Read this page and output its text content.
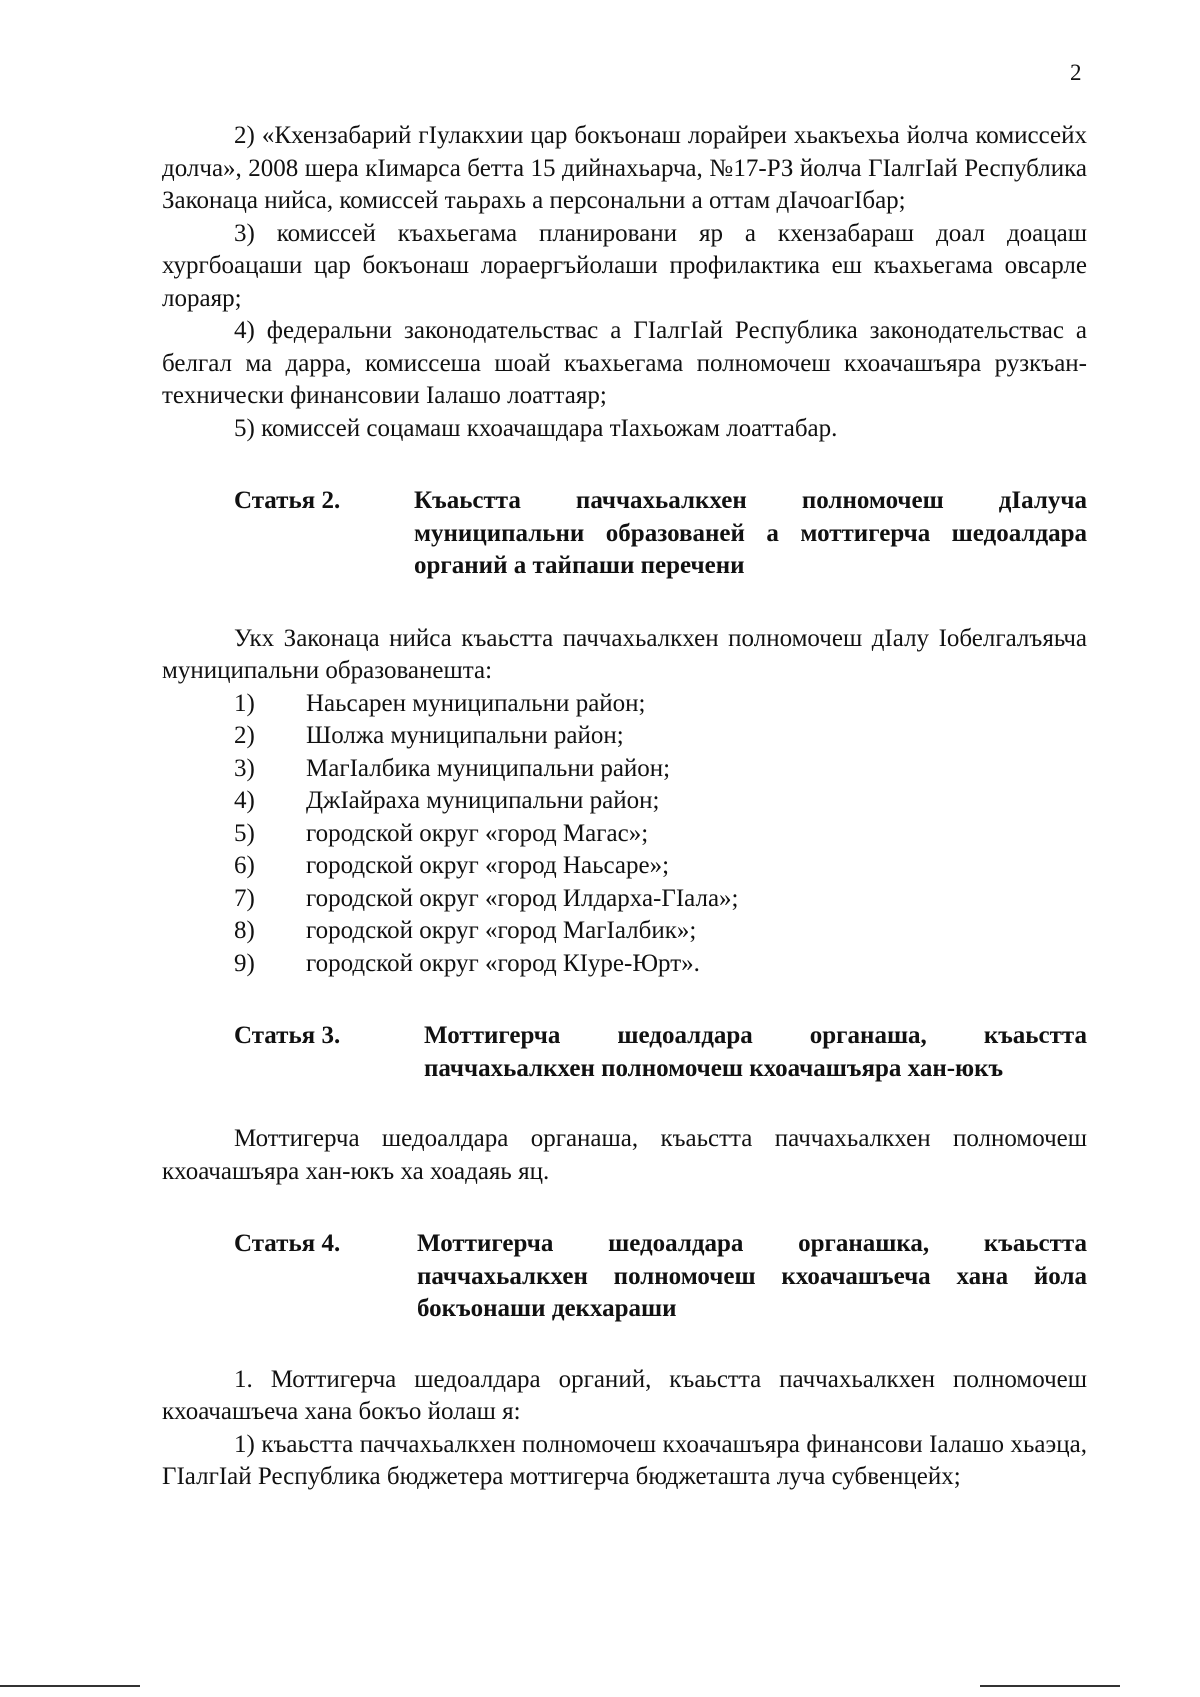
2

2) «Кхензабарий гIулакхии цар бокъонаш лорайреи хьакъехьа йолча комиссейх долча», 2008 шера кIимарса бетта 15 дийнахьарча, №17-РЗ йолча ГIалгIай Республика Законаца нийса, комиссей таьрахь а персональни а оттам дIачоагIбар;

3) комиссей къахьегама планировани яр а кхензабараш доал доацаш хургбоацаши цар бокъонаш лораергъйолаши профилактика еш къахьегама овсарле лораяр;

4) федеральни законодательствас а ГIалгIай Республика законодательствас а белгал ма дарра, комиссеша шоай къахьегама полномочеш кхоачашъяра рузкъан-технически финансовии Iалашо лоаттаяр;

5) комиссей соцамаш кхоачашдара тIахьожам лоаттабар.

Статья 2.	Къаьстта паччахьалкхен полномочеш дIалуча муниципальни образованей а моттигерча шедоалдара органий а тайпаши перечени

Укх Законаца нийса къаьстта паччахьалкхен полномочеш дIалу Iобелгалъяьча муниципальни образованешта:

1)	Наьсарен муниципальни район;
2)	Шолжа муниципальни район;
3)	МагIалбика муниципальни район;
4)	ДжIайраха муниципальни район;
5)	городской округ «город Магас»;
6)	городской округ «город Наьсаре»;
7)	городской округ «город Илдарха-ГIала»;
8)	городской округ «город МагIалбик»;
9)	городской округ «город КIуре-Юрт».
Статья 3.	Моттигерча шедоалдара органаша, къаьстта паччахьалкхен полномочеш кхоачашъяра хан-юкъ

Моттигерча шедоалдара органаша, къаьстта паччахьалкхен полномочеш кхоачашъяра хан-юкъ ха хоадаяь яц.

Статья 4.	Моттигерча шедоалдара органашка, къаьстта паччахьалкхен полномочеш кхоачашъеча хана йола бокъонаши декхараши

1. Моттигерча шедоалдара органий, къаьстта паччахьалкхен полномочеш кхоачашъеча хана бокъо йолаш я:

1) къаьстта паччахьалкхен полномочеш кхоачашъяра финансови Iалашо хьаэца, ГIалгIай Республика бюджетера моттигерча бюджеташта луча субвенцейх;
